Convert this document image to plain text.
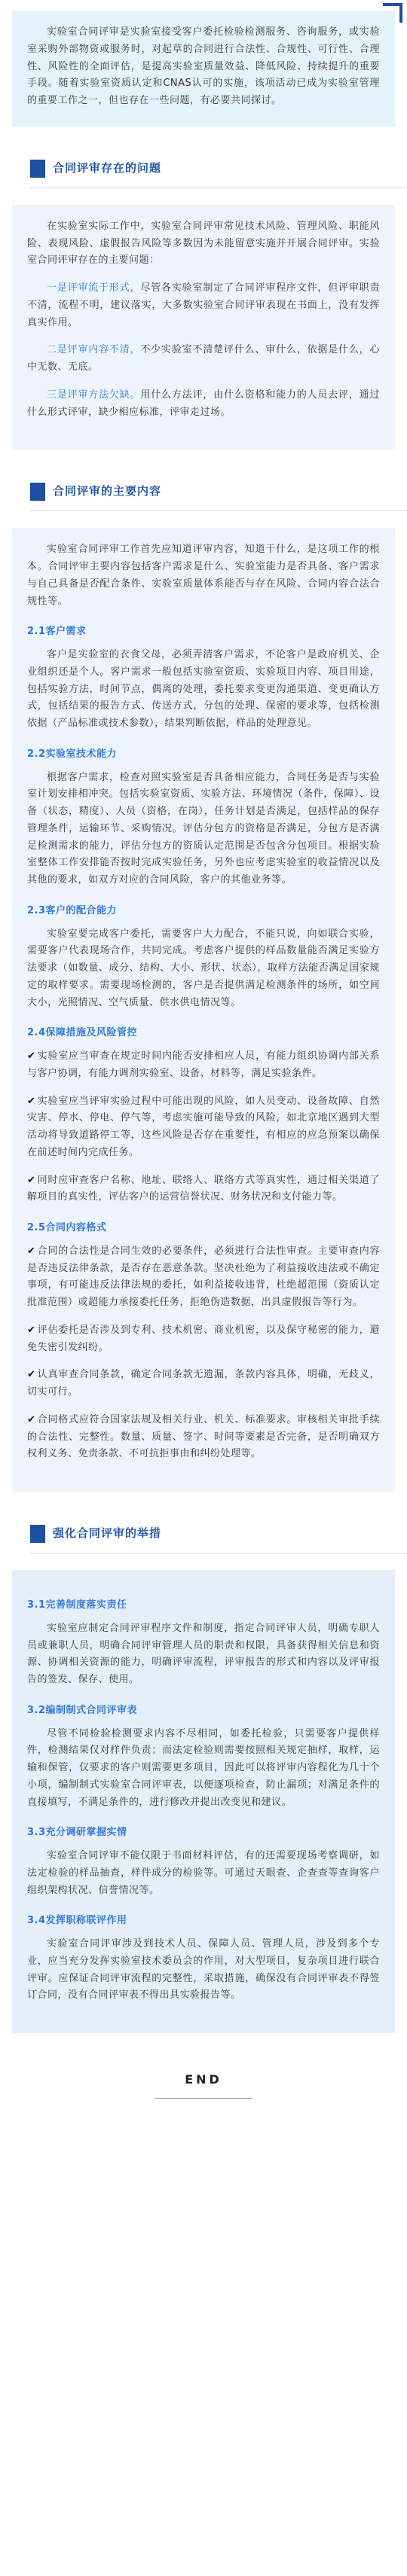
实验室合同评审是实验室接受客户委托检验检测服务、咨询服务，或实验室采购外部物资或服务时，对起草的合同进行合法性、合规性、可行性、合理性、风险性的全面评估，是提高实验室质量效益、降低风险、持续提升的重要手段。随着实验室资质认定和CNAS认可的实施，该项活动已成为实验室管理的重要工作之一，但也存在一些问题，有必要共同探讨。
合同评审存在的问题

在实验室实际工作中，实验室合同评审常见技术风险、管理风险、职能风险、表现风险、虚假报告风险等多数因为未能留意实施并开展合同评审。实验室合同评审存在的主要问题：

一是评审流于形式，尽管各实验室制定了合同评审程序文件，但评审职责不清，流程不明，建议落实，大多数实验室合同评审表现在书面上，没有发挥真实作用。

二是评审内容不清，不少实验室不清楚评什么、审什么，依据是什么，心中无数、无底。

三是评审方法欠缺。用什么方法评，由什么资格和能力的人员去评，通过什么形式评审，缺少相应标准，评审走过场。

合同评审的主要内容

实验室合同评审工作首先应知道评审内容，知道干什么，是这项工作的根本。合同评审主要内容包括客户需求是什么、实验室能力是否具备、客户需求与自己具备是否配合条件、实验室质量体系能否与存在风险、合同内容合法合规性等。

2.1客户需求

客户是实验室的衣食父母，必须弄清客户需求，不论客户是政府机关、企业组织还是个人。客户需求一般包括实验室资质、实验项目内容、项目用途，包括实验方法，时间节点，偶离的处理，委托要求变更沟通渠道、变更确认方式，包括结果的报告方式、传送方式，分包的处理、保密的要求等，包括检测依据（产品标准或技术参数），结果判断依据，样品的处理意见。

2.2实验室技术能力

根据客户需求，检查对照实验室是否具备相应能力，合同任务是否与实验室计划安排相冲突。包括实验室资质、实验方法、环境情况（条件，保障）、设备（状态，精度）、人员（资格，在岗），任务计划是否满足，包括样品的保存管理条件，运输环节、采购情况。评估分包方的资格是否满足，分包方是否满足检测需求的能力，评估分包方的资质认定范围是否包含分包项目。根据实验室整体工作安排能否按时完成实验任务，另外也应考虑实验室的收益情况以及其他的要求，如双方对应的合同风险，客户的其他业务等。

2.3客户的配合能力

实验室要完成客户委托，需要客户大力配合，不能只说，向如联合实验，需要客户代表现场合作，共同完成。考虑客户提供的样品数量能否满足实验方法要求（如数量、成分、结构、大小、形状、状态），取样方法能否满足国家规定的取样要求。需要现场检测的，客户是否提供满足检测条件的场所，如空间大小，光照情况、空气质量、供水供电情况等。

2.4保障措施及风险管控

✔ 实验室应当审查在规定时间内能否安排相应人员，有能力组织协调内部关系与客户协调，有能力调剂实验室、设备、材料等，满足实验条件。

✔ 实验室应当评审实验过程中可能出现的风险，如人员变动、设备故障、自然灾害、停水、停电、停气等，考虑实施可能导致的风险，如北京地区遇到大型活动将导致道路停工等，这些风险是否存在重要性，有相应的应急预案以确保在前述时间内完成任务。

✔ 同时应审查客户名称、地址、联络人、联络方式等真实性，通过相关渠道了解项目的真实性，评估客户的运营信誉状况、财务状况和支付能力等。

2.5合同内容格式

✔ 合同的合法性是合同生效的必要条件，必须进行合法性审查。主要审查内容是否违反法律条款，是否存在恶意条款。坚决杜绝为了利益接收违法或不确定事项，有可能违反法律法规的委托，如利益接收违背，杜绝超范围（资质认定批准范围）或超能力承接委托任务，拒绝伪造数据，出具虚假报告等行为。

✔ 评估委托是否涉及到专利、技术机密、商业机密，以及保守秘密的能力，避免失密引发纠纷。

✔ 认真审查合同条款，确定合同条款无遗漏，条款内容具体，明确，无歧义，切实可行。

✔ 合同格式应符合国家法规及相关行业、机关、标准要求。审核相关审批手续的合法性、完整性。数量、质量、签字、时间等要素是否完备，是否明确双方权利义务、免责条款、不可抗拒事由和纠纷处理等。

强化合同评审的举措
3.1完善制度落实责任

实验室应制定合同评审程序文件和制度，指定合同评审人员，明确专职人员或兼职人员，明确合同评审管理人员的职责和权限，具备获得相关信息和资源、协调相关资源的能力，明确评审流程，评审报告的形式和内容以及评审报告的签发、保存、使用。

3.2编制制式合同评审表

尽管不同检验检测要求内容不尽相同，如委托检验，只需要客户提供样件，检测结果仅对样件负责；而法定检验则需要按照相关规定抽样，取样，运输和保管，仅要求的客户则需要更多项目，因此可以将评审内容程化为几十个小项，编制制式实验室合同评审表，以便逐项检查，防止漏项；对满足条件的直接填写，不满足条件的，进行修改并提出改变见和建议。

3.3充分调研掌握实情

实验室合同评审不能仅限于书面材料评估，有的还需要现场考察调研，如法定检验的样品抽查，样件成分的检验等。可通过天眼查、企查查等查询客户组织架构状况、信誉情况等。

3.4发挥职称联评作用

实验室合同评审涉及到技术人员、保障人员、管理人员，涉及到多个专业，应当充分发挥实验室技术委员会的作用，对大型项目，复杂项目进行联合评审。应保证合同评审流程的完整性，采取措施，确保没有合同评审表不得签订合同，没有合同评审表不得出具实验报告等。

END
